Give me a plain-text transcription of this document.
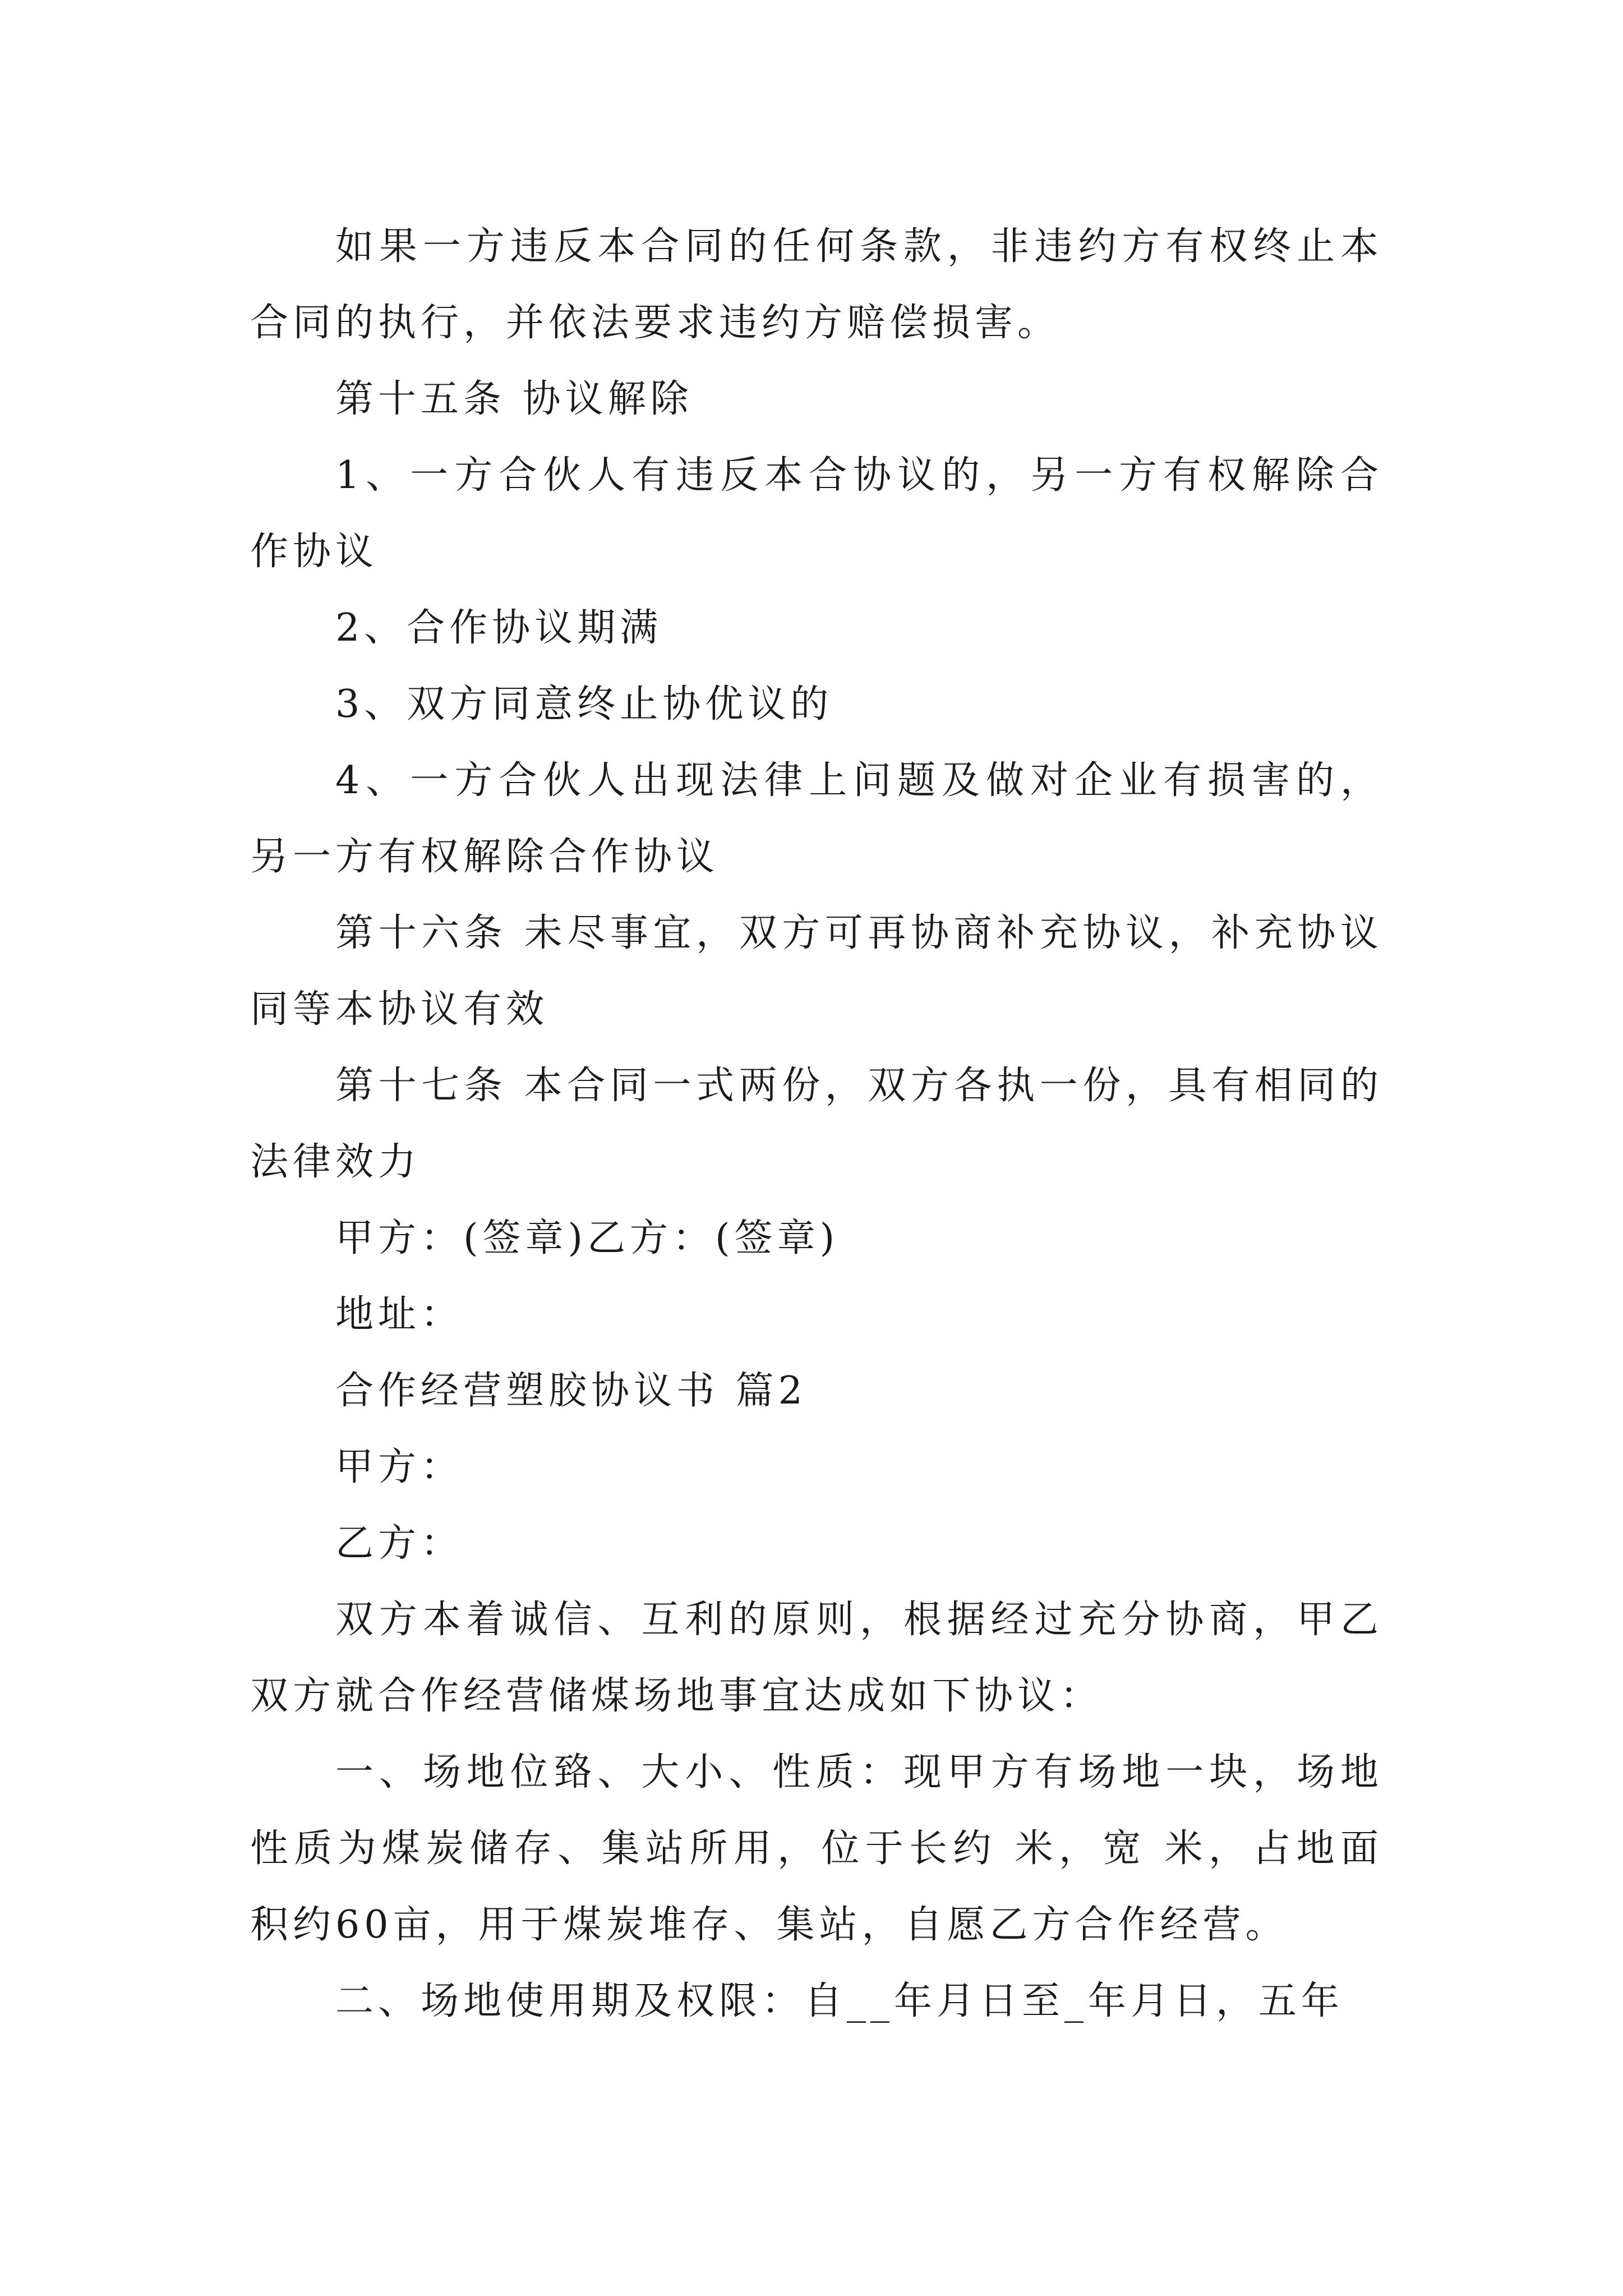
如果一方违反本合同的任何条款，非违约方有权终止本合同的执行，并依法要求违约方赔偿损害。

第十五条 协议解除

1、一方合伙人有违反本合协议的，另一方有权解除合作协议

2、合作协议期满

3、双方同意终止协优议的

4、一方合伙人出现法律上问题及做对企业有损害的，另一方有权解除合作协议

第十六条 未尽事宜，双方可再协商补充协议，补充协议同等本协议有效

第十七条 本合同一式两份，双方各执一份，具有相同的法律效力

甲方：(签章)乙方：(签章)

地址：

合作经营塑胶协议书 篇2

甲方：

乙方：

双方本着诚信、互利的原则，根据经过充分协商，甲乙双方就合作经营储煤场地事宜达成如下协议：

一、场地位臵、大小、性质：现甲方有场地一块，场地性质为煤炭储存、集站所用，位于长约 米，宽 米，占地面积约60亩，用于煤炭堆存、集站，自愿乙方合作经营。

二、场地使用期及权限：自__年月日至_年月日，五年
